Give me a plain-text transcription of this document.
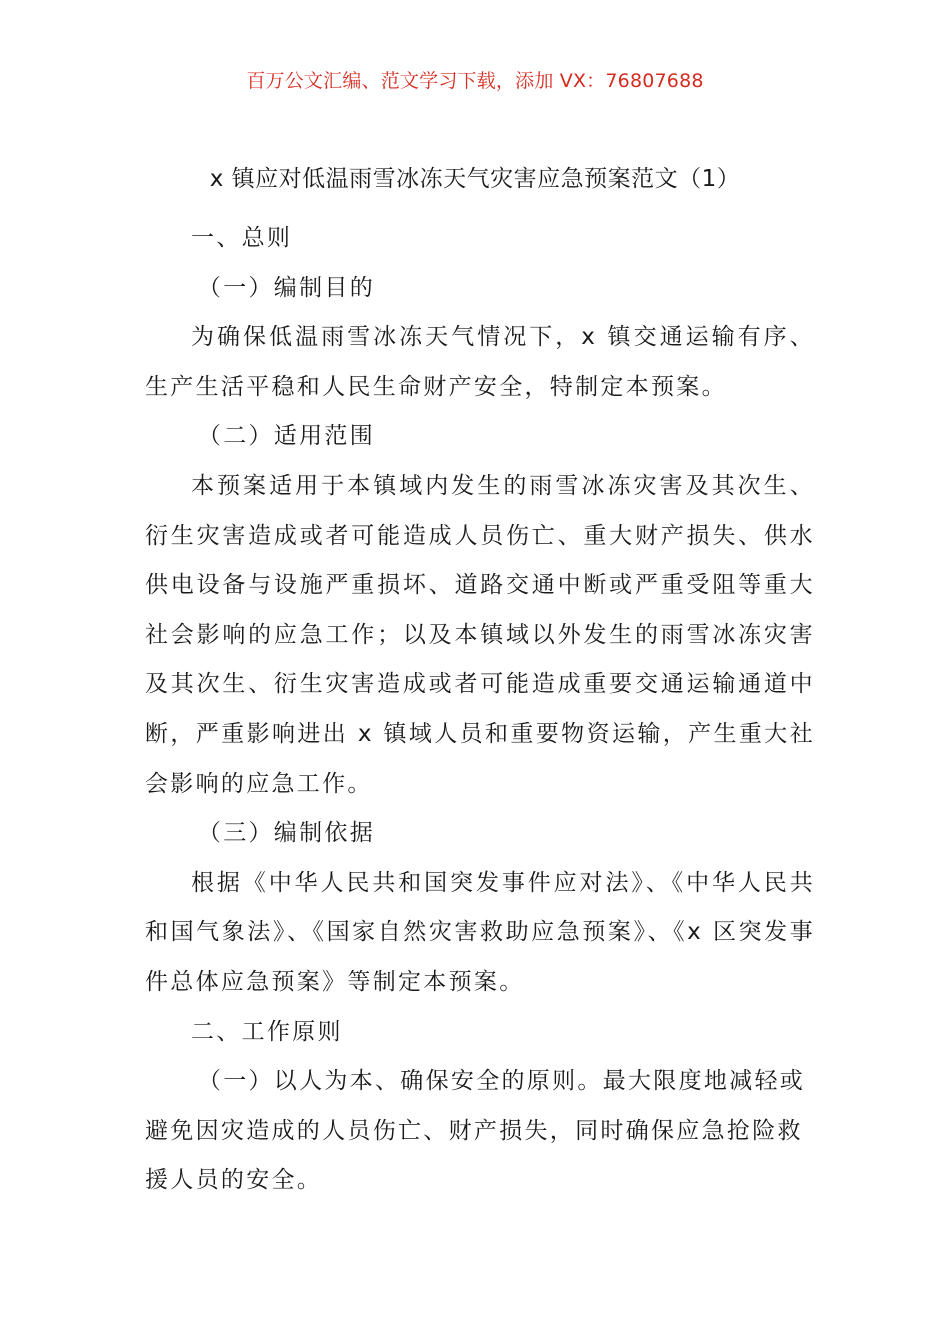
百万公文汇编、范文学习下载，添加 VX：76807688
x 镇应对低温雨雪冰冻天气灾害应急预案范文（1）

一、总则

（一）编制目的

为确保低温雨雪冰冻天气情况下，x 镇交通运输有序、生产生活平稳和人民生命财产安全，特制定本预案。

（二）适用范围

本预案适用于本镇域内发生的雨雪冰冻灾害及其次生、衍生灾害造成或者可能造成人员伤亡、重大财产损失、供水供电设备与设施严重损坏、道路交通中断或严重受阻等重大社会影响的应急工作；以及本镇域以外发生的雨雪冰冻灾害及其次生、衍生灾害造成或者可能造成重要交通运输通道中断，严重影响进出 x 镇域人员和重要物资运输，产生重大社会影响的应急工作。

（三）编制依据

根据《中华人民共和国突发事件应对法》、《中华人民共和国气象法》、《国家自然灾害救助应急预案》、《x 区突发事件总体应急预案》等制定本预案。

二、工作原则

（一）以人为本、确保安全的原则。最大限度地减轻或避免因灾造成的人员伤亡、财产损失，同时确保应急抢险救援人员的安全。
